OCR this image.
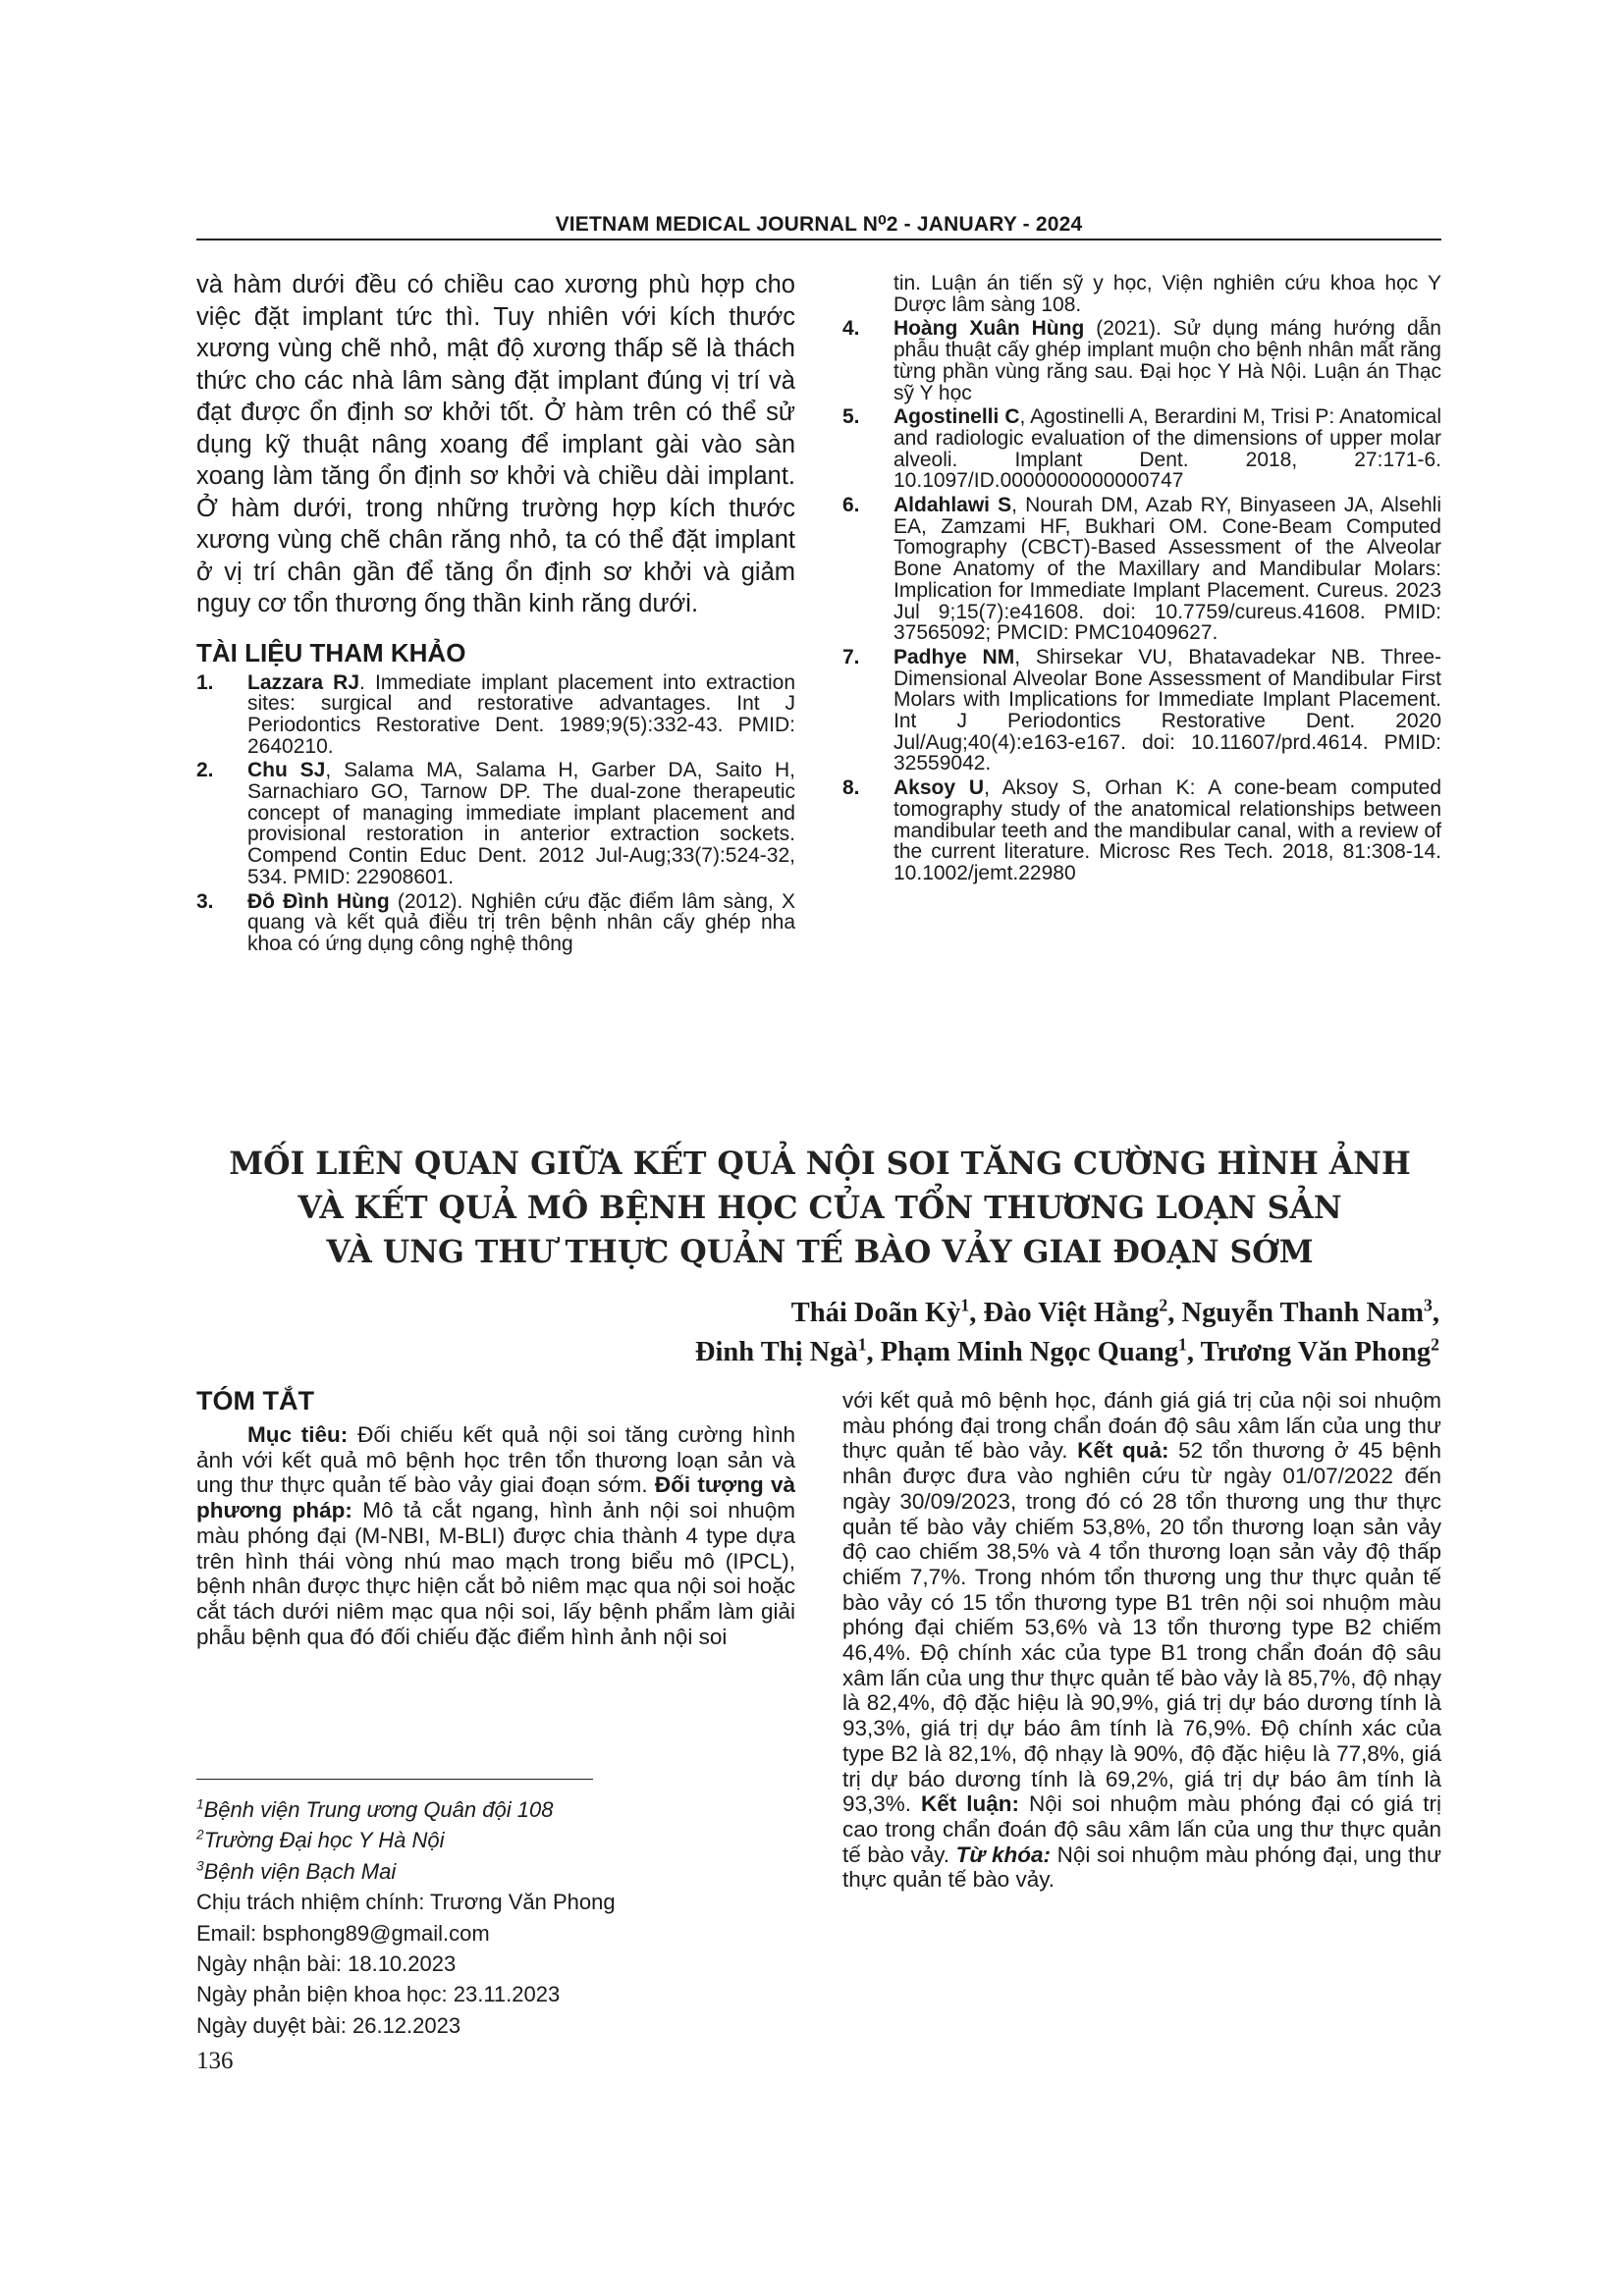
VIETNAM MEDICAL JOURNAL N⁰2 - JANUARY - 2024

và hàm dưới đều có chiều cao xương phù hợp cho việc đặt implant tức thì. Tuy nhiên với kích thước xương vùng chẽ nhỏ, mật độ xương thấp sẽ là thách thức cho các nhà lâm sàng đặt implant đúng vị trí và đạt được ổn định sơ khởi tốt. Ở hàm trên có thể sử dụng kỹ thuật nâng xoang để implant gài vào sàn xoang làm tăng ổn định sơ khởi và chiều dài implant. Ở hàm dưới, trong những trường hợp kích thước xương vùng chẽ chân răng nhỏ, ta có thể đặt implant ở vị trí chân gần để tăng ổn định sơ khởi và giảm nguy cơ tổn thương ống thần kinh răng dưới.

TÀI LIỆU THAM KHẢO

1.	Lazzara RJ. Immediate implant placement into extraction sites: surgical and restorative advantages. Int J Periodontics Restorative Dent. 1989;9(5):332-43. PMID: 2640210.
2.	Chu SJ, Salama MA, Salama H, Garber DA, Saito H, Sarnachiaro GO, Tarnow DP. The dual-zone therapeutic concept of managing immediate implant placement and provisional restoration in anterior extraction sockets. Compend Contin Educ Dent. 2012 Jul-Aug;33(7):524-32, 534. PMID: 22908601.
3.	Đỗ Đình Hùng (2012). Nghiên cứu đặc điểm lâm sàng, X quang và kết quả điều trị trên bệnh nhân cấy ghép nha khoa có ứng dụng công nghệ thông
tin. Luận án tiến sỹ y học, Viện nghiên cứu khoa học Y Dược lâm sàng 108.
4.	Hoàng Xuân Hùng (2021). Sử dụng máng hướng dẫn phẫu thuật cấy ghép implant muộn cho bệnh nhân mất răng từng phần vùng răng sau. Đại học Y Hà Nội. Luận án Thạc sỹ Y học
5.	Agostinelli C, Agostinelli A, Berardini M, Trisi P: Anatomical and radiologic evaluation of the dimensions of upper molar alveoli. Implant Dent. 2018, 27:171-6. 10.1097/ID.0000000000000747
6.	Aldahlawi S, Nourah DM, Azab RY, Binyaseen JA, Alsehli EA, Zamzami HF, Bukhari OM. Cone-Beam Computed Tomography (CBCT)-Based Assessment of the Alveolar Bone Anatomy of the Maxillary and Mandibular Molars: Implication for Immediate Implant Placement. Cureus. 2023 Jul 9;15(7):e41608. doi: 10.7759/cureus.41608. PMID: 37565092; PMCID: PMC10409627.
7.	Padhye NM, Shirsekar VU, Bhatavadekar NB. Three-Dimensional Alveolar Bone Assessment of Mandibular First Molars with Implications for Immediate Implant Placement. Int J Periodontics Restorative Dent. 2020 Jul/Aug;40(4):e163-e167. doi: 10.11607/prd.4614. PMID: 32559042.
8.	Aksoy U, Aksoy S, Orhan K: A cone-beam computed tomography study of the anatomical relationships between mandibular teeth and the mandibular canal, with a review of the current literature. Microsc Res Tech. 2018, 81:308-14. 10.1002/jemt.22980
MỐI LIÊN QUAN GIỮA KẾT QUẢ NỘI SOI TĂNG CƯỜNG HÌNH ẢNH
VÀ KẾT QUẢ MÔ BỆNH HỌC CỦA TỔN THƯƠNG LOẠN SẢN
VÀ UNG THƯ THỰC QUẢN TẾ BÀO VẢY GIAI ĐOẠN SỚM
Thái Doãn Kỳ$^1$, Đào Việt Hằng$^2$, Nguyễn Thanh Nam$^3$,
Đinh Thị Ngà$^1$, Phạm Minh Ngọc Quang$^1$, Trương Văn Phong$^2$
TÓM TẮT

Mục tiêu: Đối chiếu kết quả nội soi tăng cường hình ảnh với kết quả mô bệnh học trên tổn thương loạn sản và ung thư thực quản tế bào vảy giai đoạn sớm. Đối tượng và phương pháp: Mô tả cắt ngang, hình ảnh nội soi nhuộm màu phóng đại (M-NBI, M-BLI) được chia thành 4 type dựa trên hình thái vòng nhú mao mạch trong biểu mô (IPCL), bệnh nhân được thực hiện cắt bỏ niêm mạc qua nội soi hoặc cắt tách dưới niêm mạc qua nội soi, lấy bệnh phẩm làm giải phẫu bệnh qua đó đối chiếu đặc điểm hình ảnh nội soi

với kết quả mô bệnh học, đánh giá giá trị của nội soi nhuộm màu phóng đại trong chẩn đoán độ sâu xâm lấn của ung thư thực quản tế bào vảy. Kết quả: 52 tổn thương ở 45 bệnh nhân được đưa vào nghiên cứu từ ngày 01/07/2022 đến ngày 30/09/2023, trong đó có 28 tổn thương ung thư thực quản tế bào vảy chiếm 53,8%, 20 tổn thương loạn sản vảy độ cao chiếm 38,5% và 4 tổn thương loạn sản vảy độ thấp chiếm 7,7%. Trong nhóm tổn thương ung thư thực quản tế bào vảy có 15 tổn thương type B1 trên nội soi nhuộm màu phóng đại chiếm 53,6% và 13 tổn thương type B2 chiếm 46,4%. Độ chính xác của type B1 trong chẩn đoán độ sâu xâm lấn của ung thư thực quản tế bào vảy là 85,7%, độ nhạy là 82,4%, độ đặc hiệu là 90,9%, giá trị dự báo dương tính là 93,3%, giá trị dự báo âm tính là 76,9%. Độ chính xác của type B2 là 82,1%, độ nhạy là 90%, độ đặc hiệu là 77,8%, giá trị dự báo dương tính là 69,2%, giá trị dự báo âm tính là 93,3%. Kết luận: Nội soi nhuộm màu phóng đại có giá trị cao trong chẩn đoán độ sâu xâm lấn của ung thư thực quản tế bào vảy. Từ khóa: Nội soi nhuộm màu phóng đại, ung thư thực quản tế bào vảy.

$^1$Bệnh viện Trung ương Quân đội 108
$^2$Trường Đại học Y Hà Nội
$^3$Bệnh viện Bạch Mai
Chịu trách nhiệm chính: Trương Văn Phong
Email: bsphong89@gmail.com
Ngày nhận bài: 18.10.2023
Ngày phản biện khoa học: 23.11.2023
Ngày duyệt bài: 26.12.2023
136
